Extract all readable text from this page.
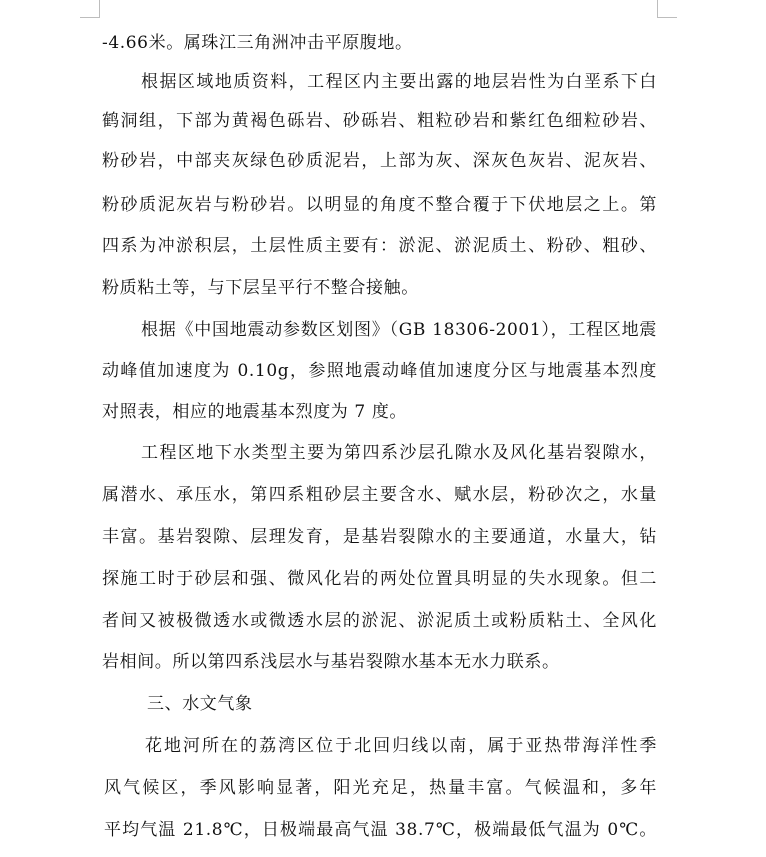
-4.66米。属珠江三角洲冲击平原腹地。
根据区域地质资料，工程区内主要出露的地层岩性为白垩系下白
鹤洞组，下部为黄褐色砾岩、砂砾岩、粗粒砂岩和紫红色细粒砂岩、
粉砂岩，中部夹灰绿色砂质泥岩，上部为灰、深灰色灰岩、泥灰岩、
粉砂质泥灰岩与粉砂岩。以明显的角度不整合覆于下伏地层之上。第
四系为冲淤积层，土层性质主要有：淤泥、淤泥质土、粉砂、粗砂、
粉质粘土等，与下层呈平行不整合接触。
根据《中国地震动参数区划图》（GB 18306-2001），工程区地震
动峰值加速度为 0.10g，参照地震动峰值加速度分区与地震基本烈度
对照表，相应的地震基本烈度为 7 度。
工程区地下水类型主要为第四系沙层孔隙水及风化基岩裂隙水，
属潜水、承压水，第四系粗砂层主要含水、赋水层，粉砂次之，水量
丰富。基岩裂隙、层理发育，是基岩裂隙水的主要通道，水量大，钻
探施工时于砂层和强、微风化岩的两处位置具明显的失水现象。但二
者间又被极微透水或微透水层的淤泥、淤泥质土或粉质粘土、全风化
岩相间。所以第四系浅层水与基岩裂隙水基本无水力联系。
三、水文气象
花地河所在的荔湾区位于北回归线以南，属于亚热带海洋性季
风气候区，季风影响显著，阳光充足，热量丰富。气候温和，多年
平均气温 21.8℃，日极端最高气温 38.7℃，极端最低气温为 0℃。
